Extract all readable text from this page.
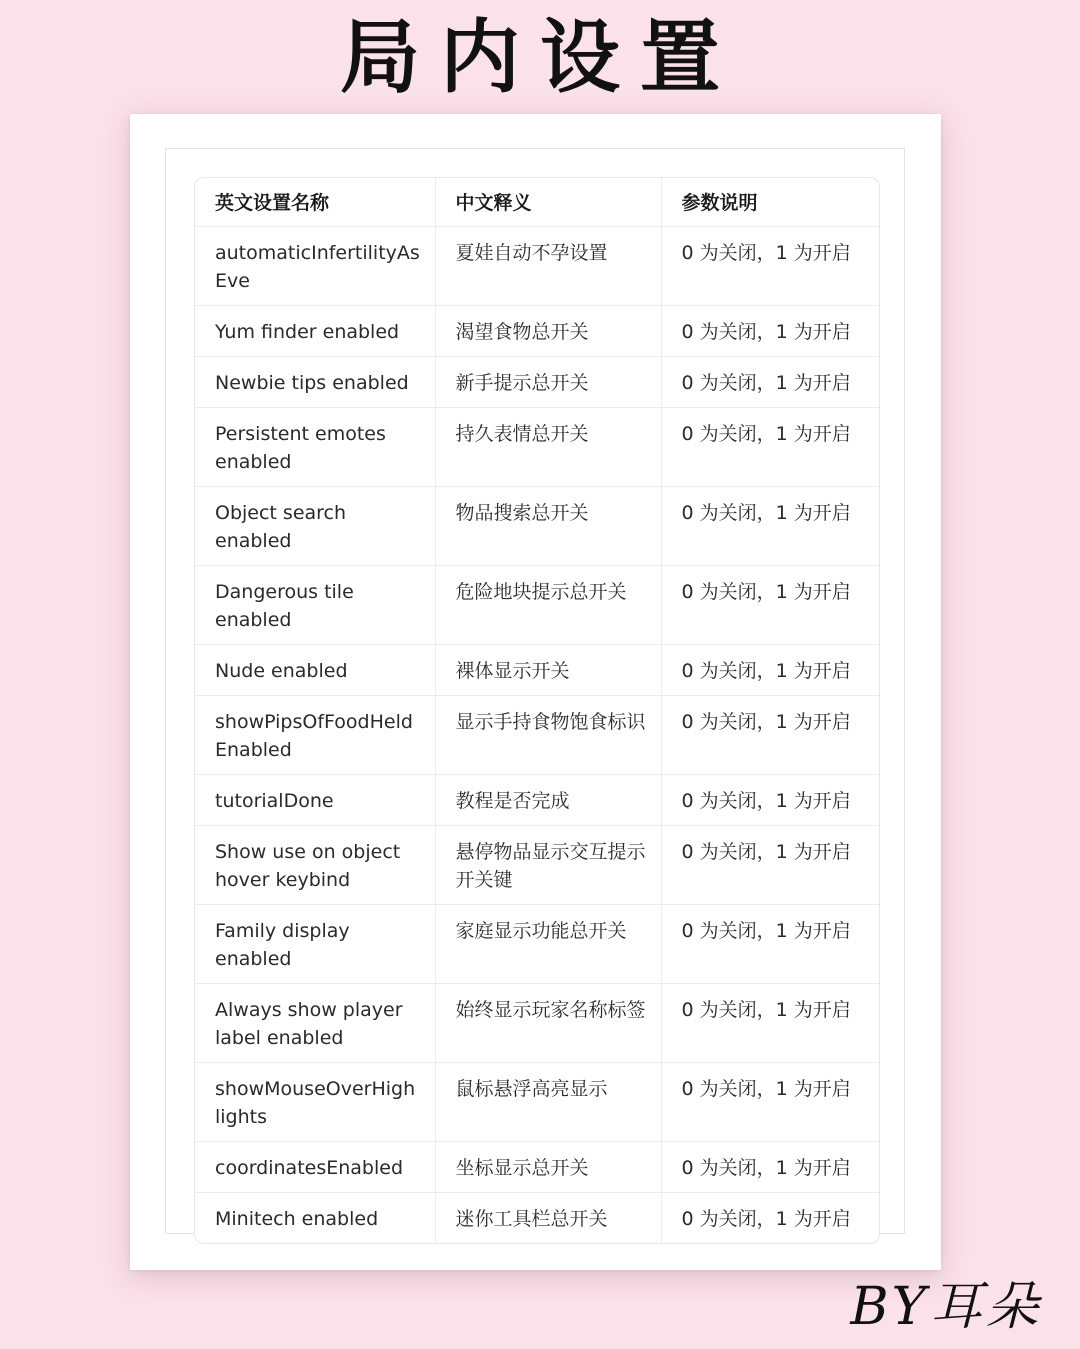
局内设置
英文设置名称	中文释义	参数说明
automaticInfertilityAs Eve	夏娃自动不孕设置	0 为关闭，1 为开启
Yum finder enabled	渴望食物总开关	0 为关闭，1 为开启
Newbie tips enabled	新手提示总开关	0 为关闭，1 为开启
Persistent emotes enabled	持久表情总开关	0 为关闭，1 为开启
Object search enabled	物品搜索总开关	0 为关闭，1 为开启
Dangerous tile enabled	危险地块提示总开关	0 为关闭，1 为开启
Nude enabled	裸体显示开关	0 为关闭，1 为开启
showPipsOfFoodHeld Enabled	显示手持食物饱食标识	0 为关闭，1 为开启
tutorialDone	教程是否完成	0 为关闭，1 为开启
Show use on object hover keybind	悬停物品显示交互提示开关键	0 为关闭，1 为开启
Family display enabled	家庭显示功能总开关	0 为关闭，1 为开启
Always show player label enabled	始终显示玩家名称标签	0 为关闭，1 为开启
showMouseOverHigh lights	鼠标悬浮高亮显示	0 为关闭，1 为开启
coordinatesEnabled	坐标显示总开关	0 为关闭，1 为开启
Minitech enabled	迷你工具栏总开关	0 为关闭，1 为开启
BY耳朵
